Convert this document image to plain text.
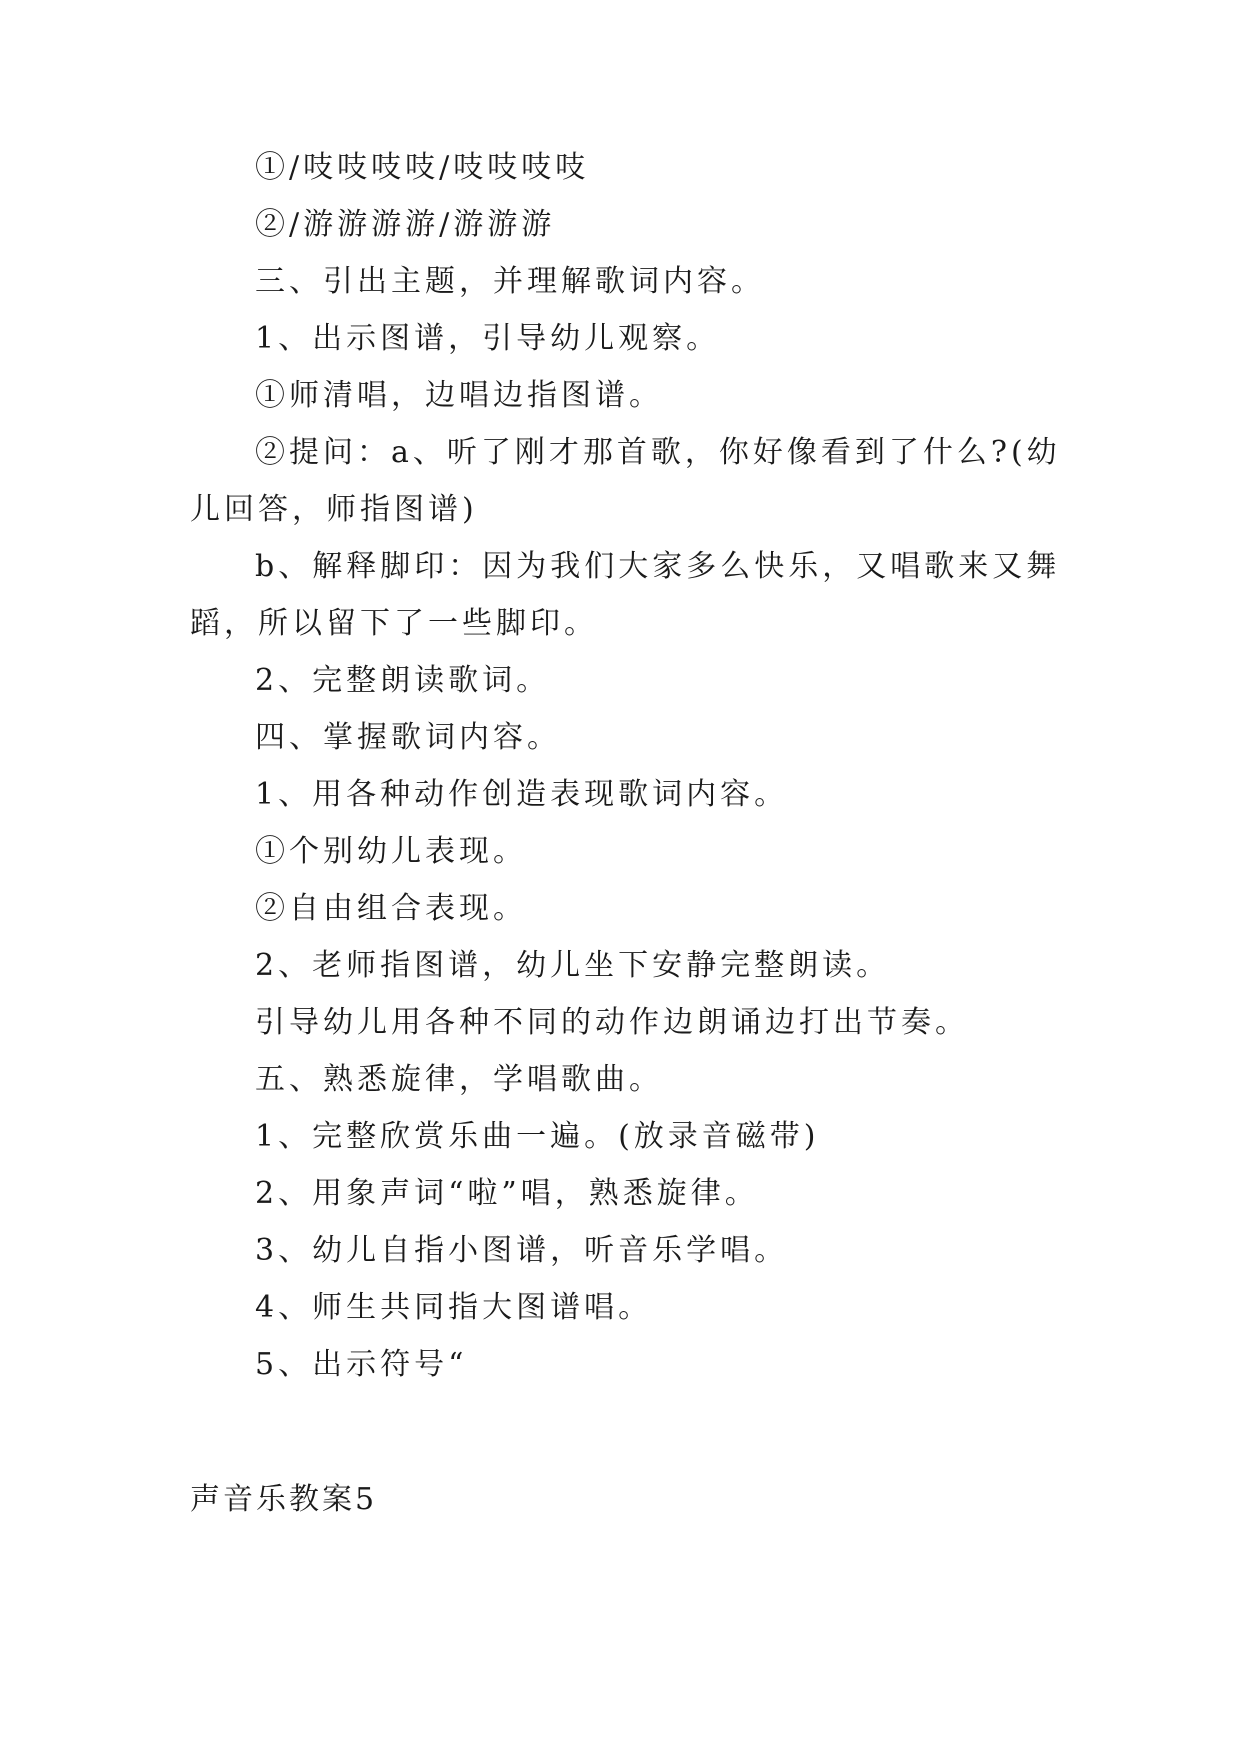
①/吱吱吱吱/吱吱吱吱
②/游游游游/游游游
三、引出主题，并理解歌词内容。
1、出示图谱，引导幼儿观察。
①师清唱，边唱边指图谱。
②提问：a、听了刚才那首歌，你好像看到了什么?(幼
儿回答，师指图谱)
b、解释脚印：因为我们大家多么快乐，又唱歌来又舞
蹈，所以留下了一些脚印。
2、完整朗读歌词。
四、掌握歌词内容。
1、用各种动作创造表现歌词内容。
①个别幼儿表现。
②自由组合表现。
2、老师指图谱，幼儿坐下安静完整朗读。
引导幼儿用各种不同的动作边朗诵边打出节奏。
五、熟悉旋律，学唱歌曲。
1、完整欣赏乐曲一遍。(放录音磁带)
2、用象声词“啦”唱，熟悉旋律。
3、幼儿自指小图谱，听音乐学唱。
4、师生共同指大图谱唱。
5、出示符号“
声音乐教案5
